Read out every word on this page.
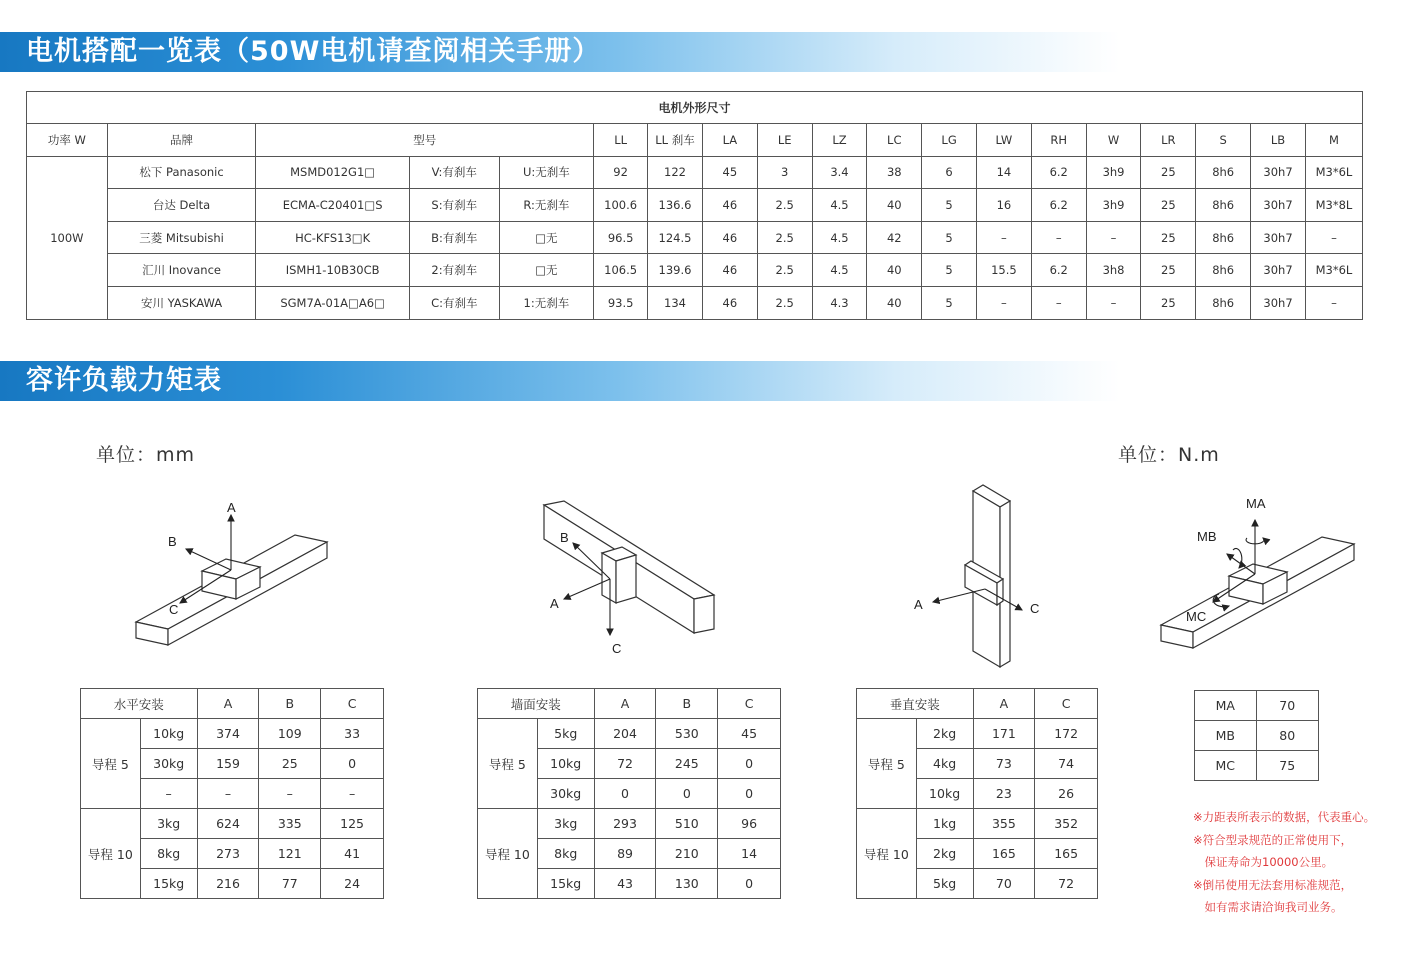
电机搭配一览表（50W电机请查阅相关手册）
容许负载力矩表
电机外形尺寸																		
功率 W	品牌	型号			LL	LL 刹车	LA	LE	LZ	LC	LG	LW	RH	W	LR	S	LB	M
100W	松下 Panasonic	MSMD012G1□	V:有刹车	U:无刹车	92	122	45	3	3.4	38	6	14	6.2	3h9	25	8h6	30h7	M3*6L
	台达 Delta	ECMA-C20401□S	S:有刹车	R:无刹车	100.6	136.6	46	2.5	4.5	40	5	16	6.2	3h9	25	8h6	30h7	M3*8L
	三菱 Mitsubishi	HC-KFS13□K	B:有刹车	□无	96.5	124.5	46	2.5	4.5	42	5	–	–	–	25	8h6	30h7	–
	汇川 Inovance	ISMH1-10B30CB	2:有刹车	□无	106.5	139.6	46	2.5	4.5	40	5	15.5	6.2	3h8	25	8h6	30h7	M3*6L
	安川 YASKAWA	SGM7A-01A□A6□	C:有刹车	1:无刹车	93.5	134	46	2.5	4.3	40	5	–	–	–	25	8h6	30h7	–
单位：mm	单位：N.m
A
B
C
B
A
C
A	C
MA
MB
MC
水平安装		A	B	C
导程 5	10kg	374	109	33
	30kg	159	25	0
	–	–	–	–
导程 10	3kg	624	335	125
	8kg	273	121	41
	15kg	216	77	24
墙面安装		A	B	C
导程 5	5kg	204	530	45
	10kg	72	245	0
	30kg	0	0	0
导程 10	3kg	293	510	96
	8kg	89	210	14
	15kg	43	130	0
垂直安装		A	C
导程 5	2kg	171	172
	4kg	73	74
	10kg	23	26
导程 10	1kg	355	352
	2kg	165	165
	5kg	70	72
MA	70
MB	80
MC	75
※力距表所表示的数据，代表重心。
※符合型录规范的正常使用下，
　保证寿命为10000公里。
※倒吊使用无法套用标准规范，
　如有需求请洽询我司业务。
